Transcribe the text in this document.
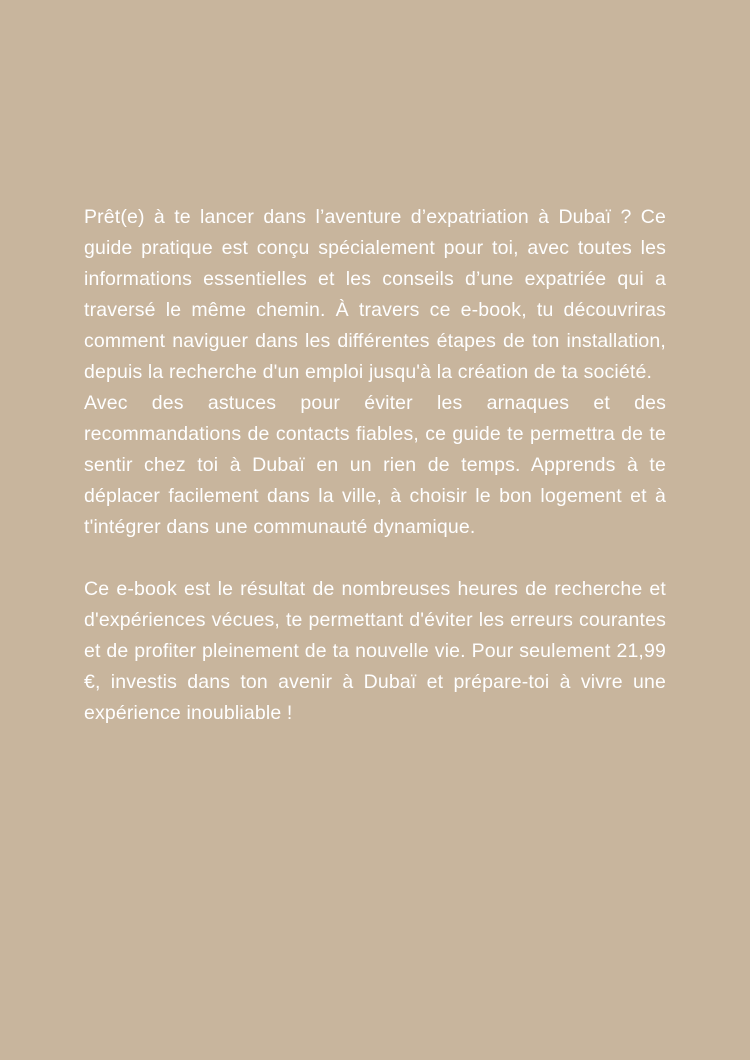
Prêt(e) à te lancer dans l’aventure d’expatriation à Dubaï ? Ce guide pratique est conçu spécialement pour toi, avec toutes les informations essentielles et les conseils d’une expatriée qui a traversé le même chemin. À travers ce e-book, tu découvriras comment naviguer dans les différentes étapes de ton installation, depuis la recherche d'un emploi jusqu'à la création de ta société.

Avec des astuces pour éviter les arnaques et des recommandations de contacts fiables, ce guide te permettra de te sentir chez toi à Dubaï en un rien de temps. Apprends à te déplacer facilement dans la ville, à choisir le bon logement et à t'intégrer dans une communauté dynamique.

Ce e-book est le résultat de nombreuses heures de recherche et d'expériences vécues, te permettant d'éviter les erreurs courantes et de profiter pleinement de ta nouvelle vie. Pour seulement 21,99 €, investis dans ton avenir à Dubaï et prépare-toi à vivre une expérience inoubliable !
